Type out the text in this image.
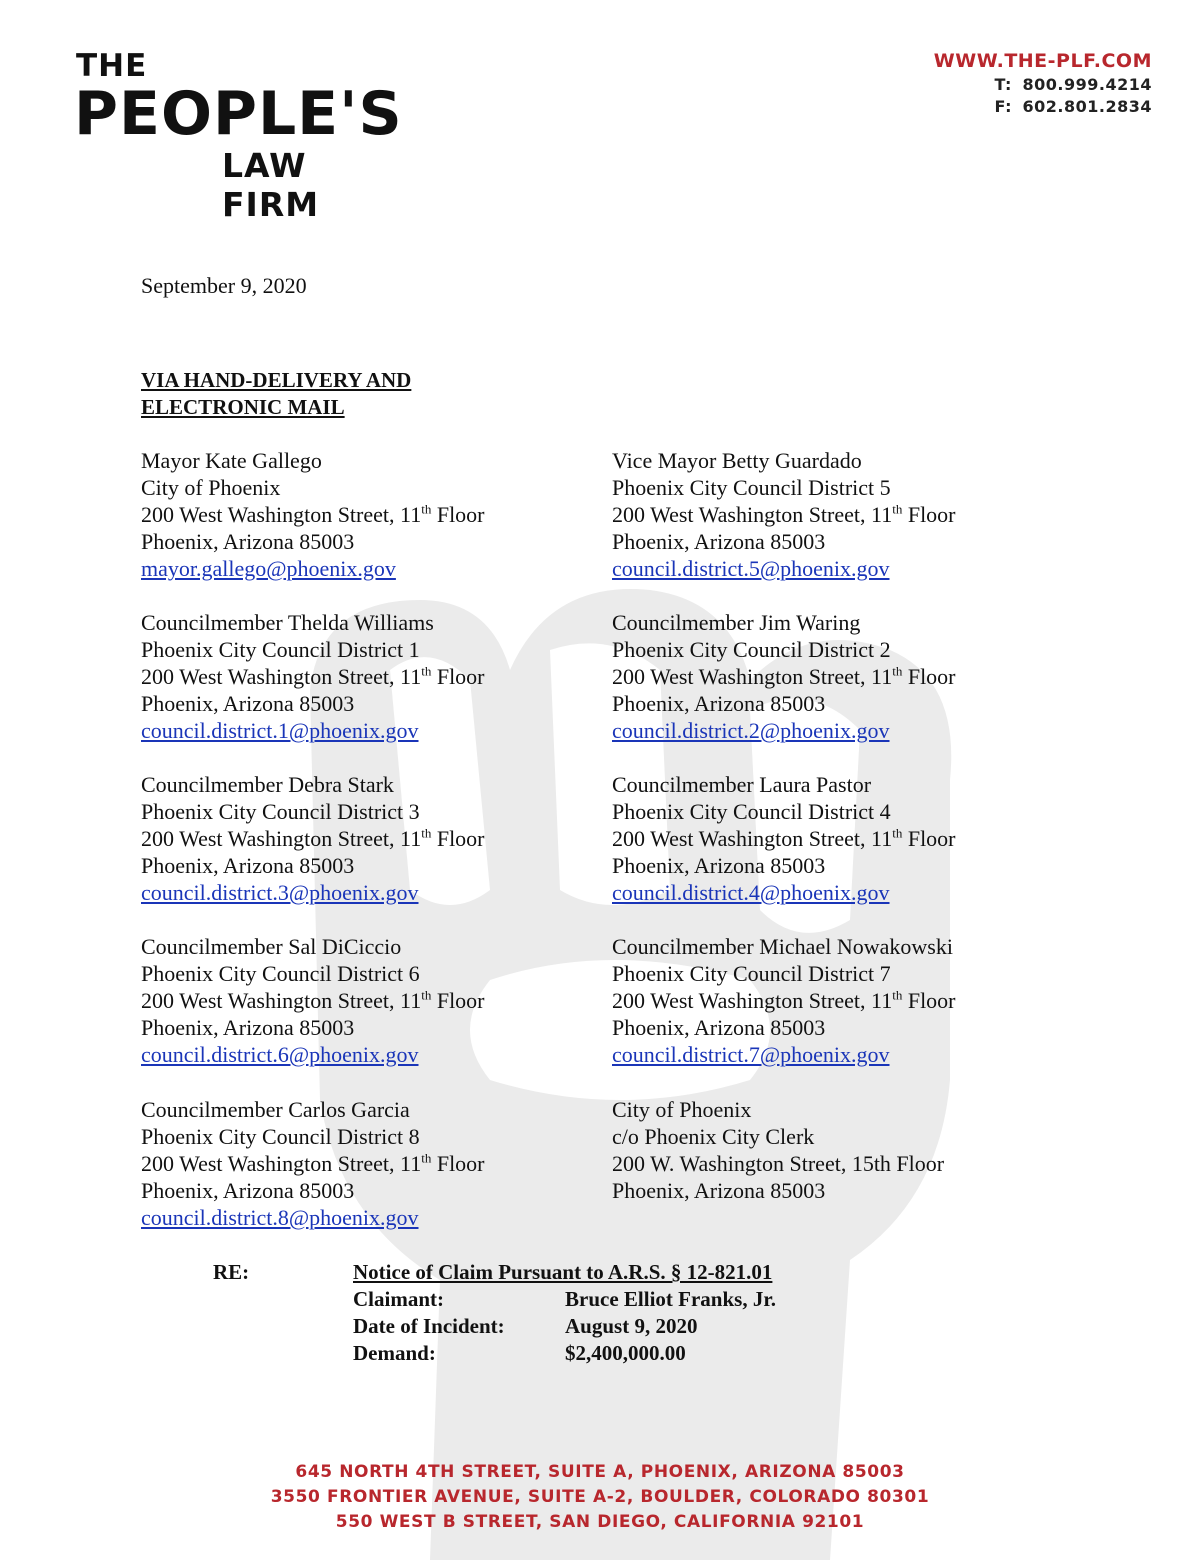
THE
PEOPLE'S
LAW FIRM
WWW.THE-PLF.COM
T: 800.999.4214
F: 602.801.2834
September 9, 2020
VIA HAND-DELIVERY AND
ELECTRONIC MAIL
Mayor Kate Gallego
City of Phoenix
200 West Washington Street, 11th Floor
Phoenix, Arizona 85003
mayor.gallego@phoenix.gov
Vice Mayor Betty Guardado
Phoenix City Council District 5
200 West Washington Street, 11th Floor
Phoenix, Arizona 85003
council.district.5@phoenix.gov
Councilmember Thelda Williams
Phoenix City Council District 1
200 West Washington Street, 11th Floor
Phoenix, Arizona 85003
council.district.1@phoenix.gov
Councilmember Jim Waring
Phoenix City Council District 2
200 West Washington Street, 11th Floor
Phoenix, Arizona 85003
council.district.2@phoenix.gov
Councilmember Debra Stark
Phoenix City Council District 3
200 West Washington Street, 11th Floor
Phoenix, Arizona 85003
council.district.3@phoenix.gov
Councilmember Laura Pastor
Phoenix City Council District 4
200 West Washington Street, 11th Floor
Phoenix, Arizona 85003
council.district.4@phoenix.gov
Councilmember Sal DiCiccio
Phoenix City Council District 6
200 West Washington Street, 11th Floor
Phoenix, Arizona 85003
council.district.6@phoenix.gov
Councilmember Michael Nowakowski
Phoenix City Council District 7
200 West Washington Street, 11th Floor
Phoenix, Arizona 85003
council.district.7@phoenix.gov
Councilmember Carlos Garcia
Phoenix City Council District 8
200 West Washington Street, 11th Floor
Phoenix, Arizona 85003
council.district.8@phoenix.gov
City of Phoenix
c/o Phoenix City Clerk
200 W. Washington Street, 15th Floor
Phoenix, Arizona 85003
RE:	Notice of Claim Pursuant to A.R.S. § 12-821.01
Claimant:	Bruce Elliot Franks, Jr.
Date of Incident:	August 9, 2020
Demand:	$2,400,000.00
645 NORTH 4TH STREET, SUITE A, PHOENIX, ARIZONA 85003
3550 FRONTIER AVENUE, SUITE A-2, BOULDER, COLORADO 80301
550 WEST B STREET, SAN DIEGO, CALIFORNIA 92101
